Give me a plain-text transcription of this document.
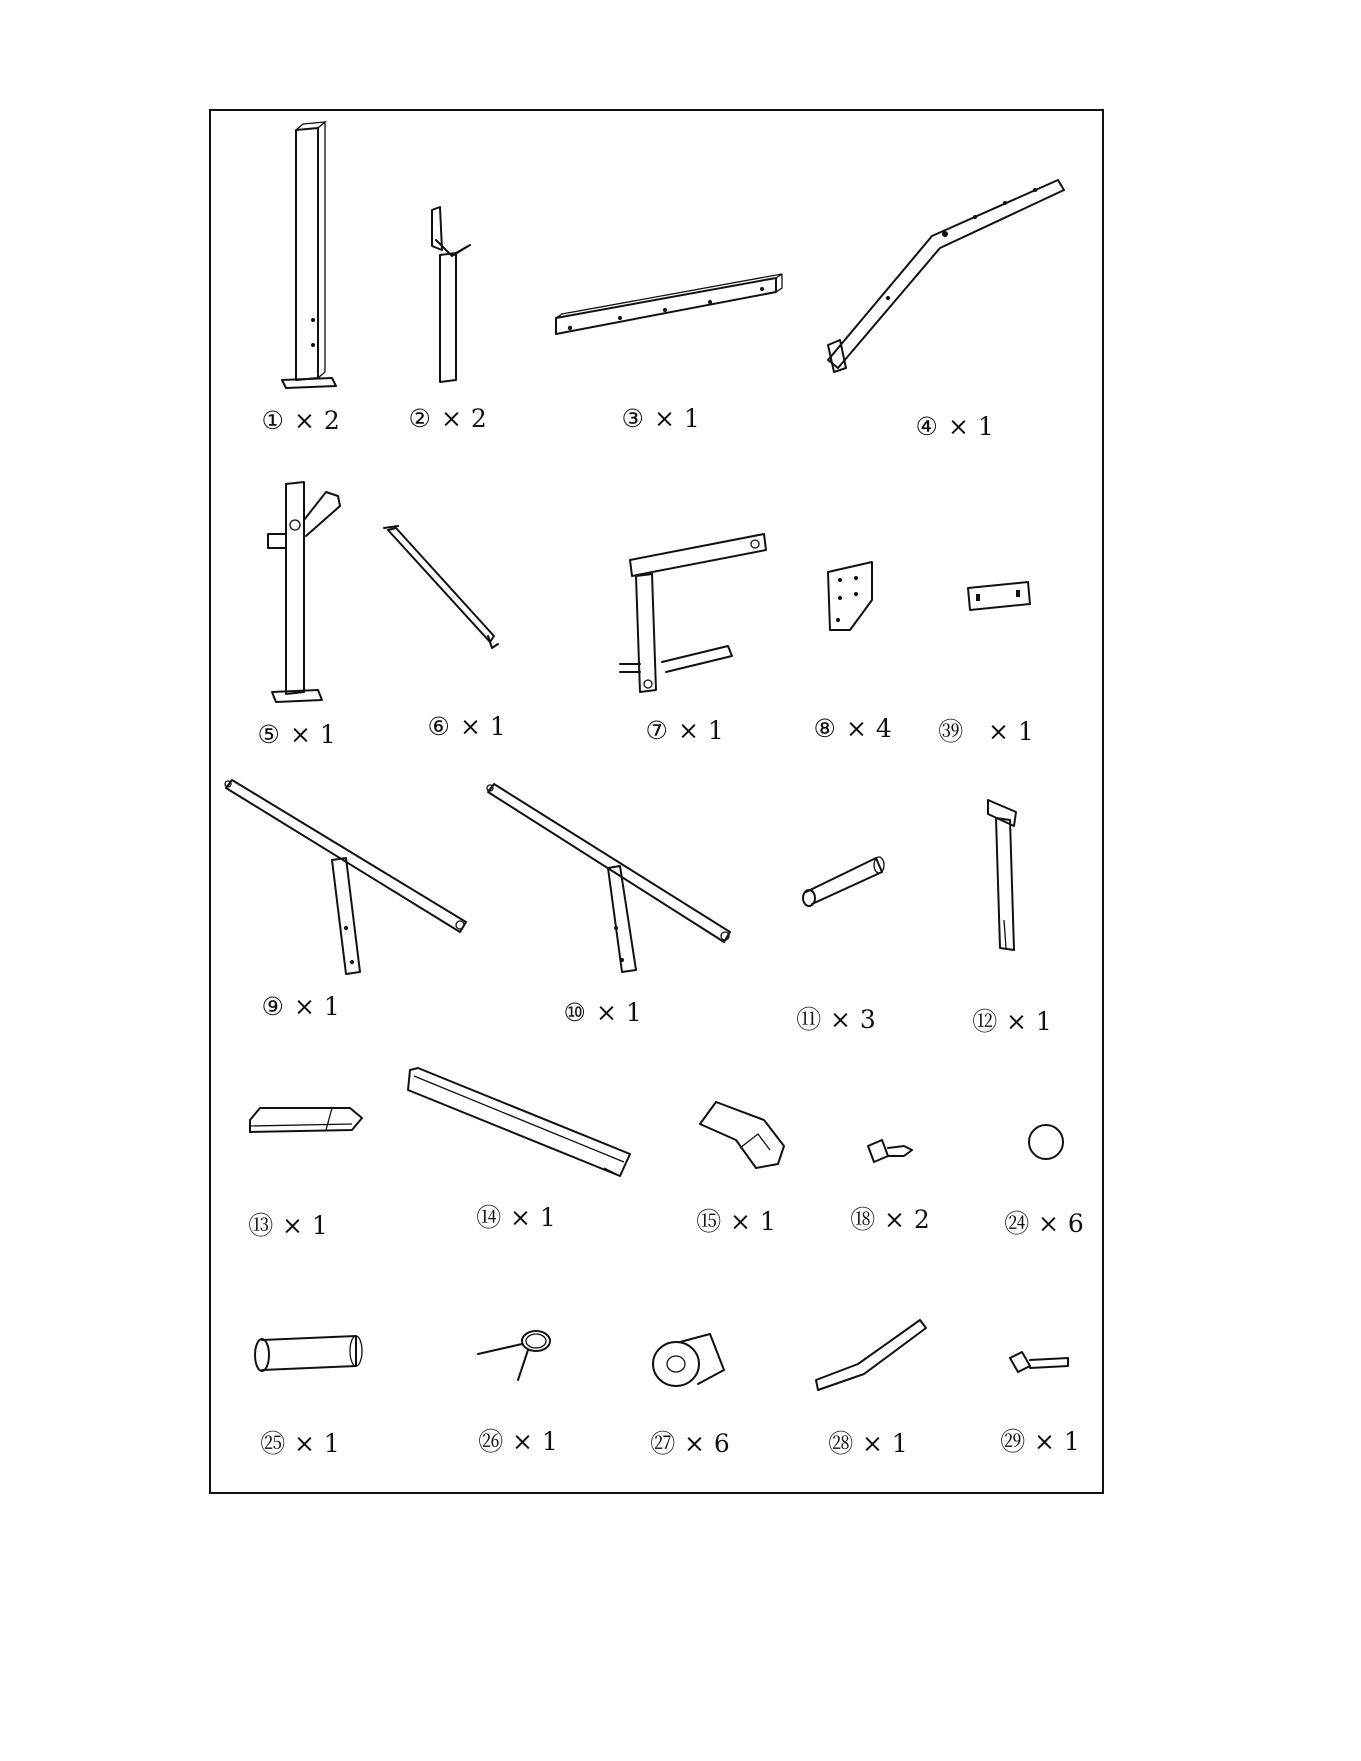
① × 2	② × 2	③ × 1	④ × 1
⑤ × 1	⑥ × 1	⑦ × 1	⑧ × 4 ㊴ × 1
⑨ × 1	⑩ × 1	⑪ × 3	⑫ × 1
⑬ × 1	⑭ × 1	⑮ × 1	⑱ × 2	㉔ × 6
㉕ × 1	㉖ × 1	㉗ × 6	㉘ × 1	㉙ × 1
